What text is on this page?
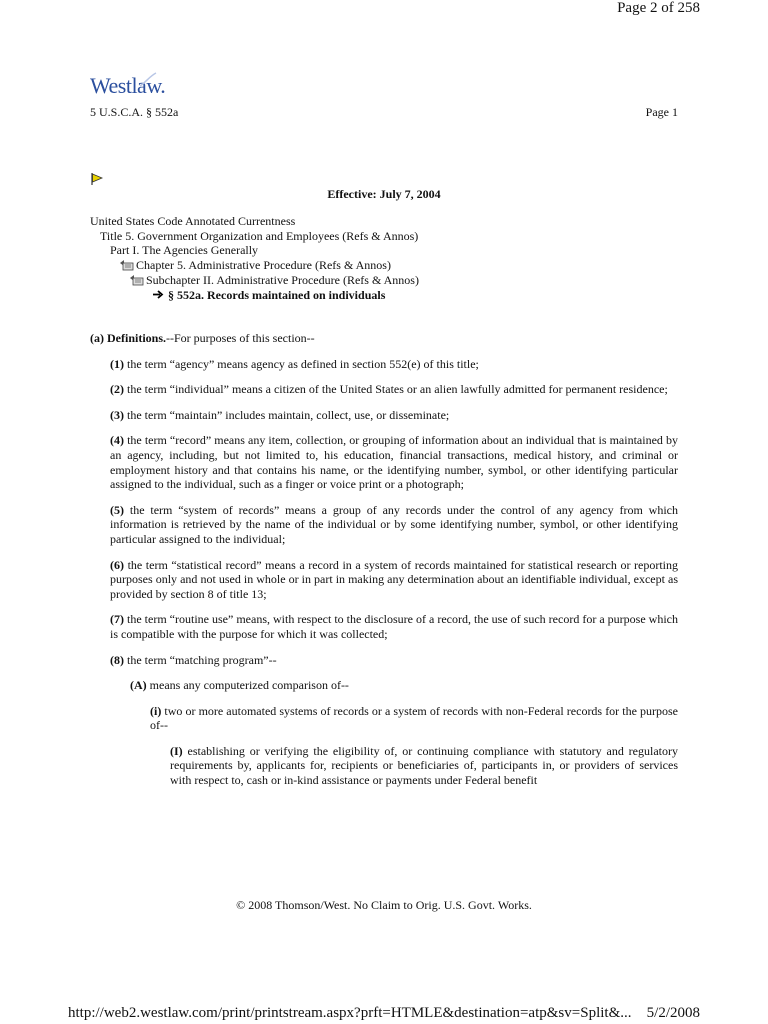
Page 2 of 258
Westlaw.
5 U.S.C.A. § 552a	Page 1
Effective: July 7, 2004
United States Code Annotated Currentness
Title 5. Government Organization and Employees (Refs & Annos)
Part I. The Agencies Generally
Chapter 5. Administrative Procedure (Refs & Annos)
Subchapter II. Administrative Procedure (Refs & Annos)
§ 552a. Records maintained on individuals

(a) Definitions.--For purposes of this section--

(1) the term “agency” means agency as defined in section 552(e) of this title;

(2) the term “individual” means a citizen of the United States or an alien lawfully admitted for permanent residence;

(3) the term “maintain” includes maintain, collect, use, or disseminate;

(4) the term “record” means any item, collection, or grouping of information about an individual that is maintained by an agency, including, but not limited to, his education, financial transactions, medical history, and criminal or employment history and that contains his name, or the identifying number, symbol, or other identifying particular assigned to the individual, such as a finger or voice print or a photograph;

(5) the term “system of records” means a group of any records under the control of any agency from which information is retrieved by the name of the individual or by some identifying number, symbol, or other identifying particular assigned to the individual;

(6) the term “statistical record” means a record in a system of records maintained for statistical research or reporting purposes only and not used in whole or in part in making any determination about an identifiable individual, except as provided by section 8 of title 13;

(7) the term “routine use” means, with respect to the disclosure of a record, the use of such record for a purpose which is compatible with the purpose for which it was collected;

(8) the term “matching program”--

(A) means any computerized comparison of--

(i) two or more automated systems of records or a system of records with non-Federal records for the purpose of--

(I) establishing or verifying the eligibility of, or continuing compliance with statutory and regulatory requirements by, applicants for, recipients or beneficiaries of, participants in, or providers of services with respect to, cash or in-kind assistance or payments under Federal benefit

© 2008 Thomson/West. No Claim to Orig. U.S. Govt. Works.
http://web2.westlaw.com/print/printstream.aspx?prft=HTMLE&destination=atp&sv=Split&... 5/2/2008
